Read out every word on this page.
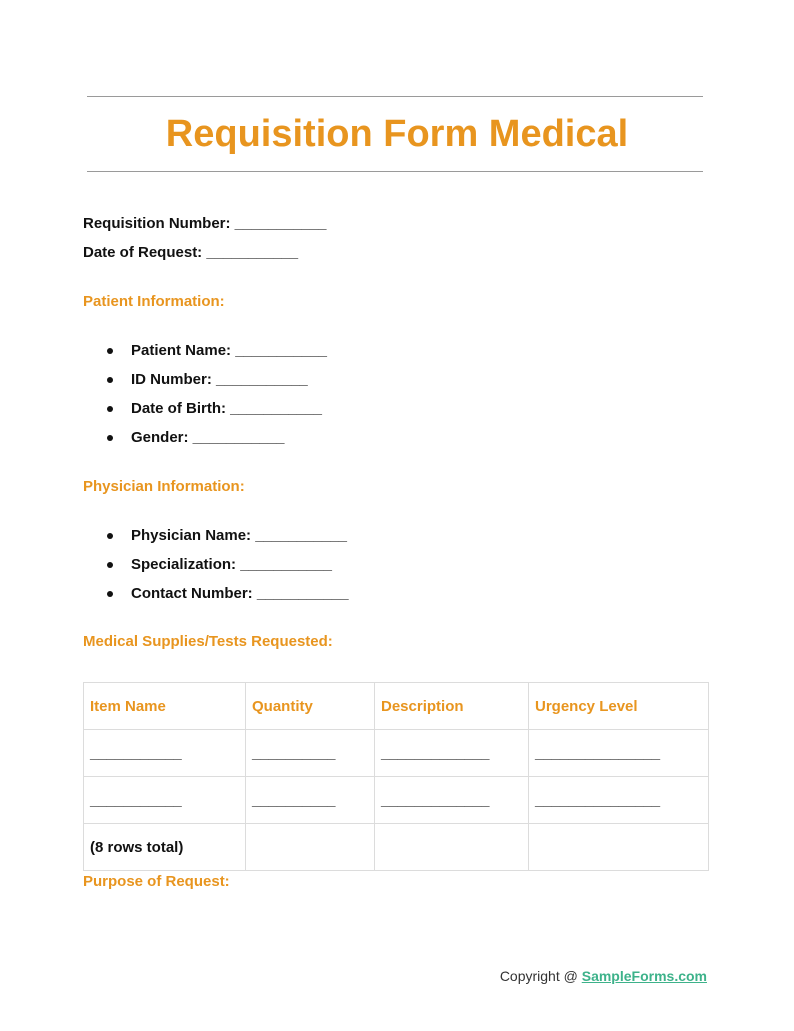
Requisition Form Medical
Requisition Number: ___________
Date of Request: ___________
Patient Information:
Patient Name: ___________
ID Number: ___________
Date of Birth: ___________
Gender: ___________
Physician Information:
Physician Name: ___________
Specialization: ___________
Contact Number: ___________
Medical Supplies/Tests Requested:
Item Name	Quantity	Description	Urgency Level
___________	__________	_____________	_______________
___________	__________	_____________	_______________
(8 rows total)			
Purpose of Request:
Copyright @ SampleForms.com
